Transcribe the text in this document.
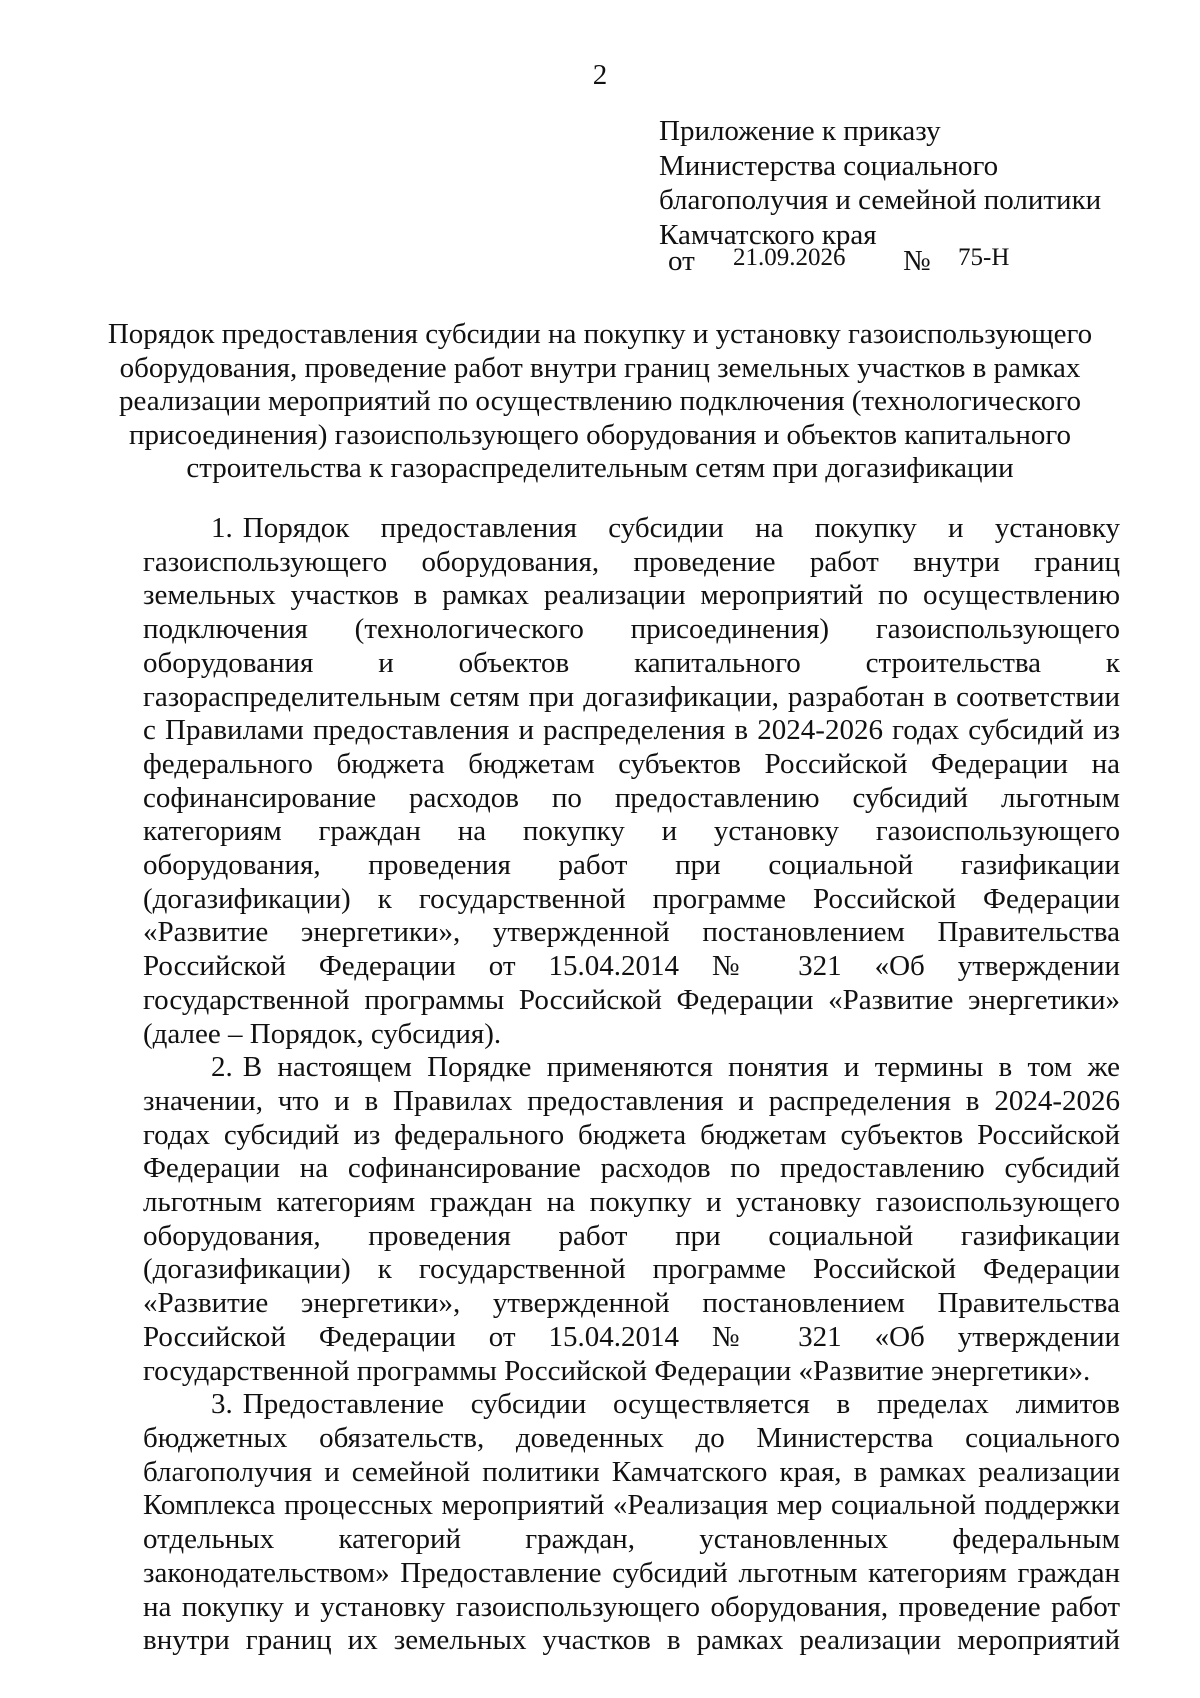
2
Приложение к приказу
Министерства социального
благополучия и семейной политики
Камчатского края
от 21.09.2026 № 75-Н
Порядок предоставления субсидии на покупку и установку газоиспользующего
оборудования, проведение работ внутри границ земельных участков в рамках
реализации мероприятий по осуществлению подключения (технологического
присоединения) газоиспользующего оборудования и объектов капитального
строительства к газораспределительным сетям при догазификации

1. Порядок предоставления субсидии на покупку и установку газоиспользующего оборудования, проведение работ внутри границ земельных участков в рамках реализации мероприятий по осуществлению подключения (технологического присоединения) газоиспользующего оборудования и объектов капитального строительства к газораспределительным сетям при догазификации, разработан в соответствии с Правилами предоставления и распределения в 2024-2026 годах субсидий из федерального бюджета бюджетам субъектов Российской Федерации на софинансирование расходов по предоставлению субсидий льготным категориям граждан на покупку и установку газоиспользующего оборудования, проведения работ при социальной газификации (догазификации) к государственной программе Российской Федерации «Развитие энергетики», утвержденной постановлением Правительства Российской Федерации от 15.04.2014 № 321 «Об утверждении государственной программы Российской Федерации «Развитие энергетики» (далее – Порядок, субсидия).

2. В настоящем Порядке применяются понятия и термины в том же значении, что и в Правилах предоставления и распределения в 2024-2026 годах субсидий из федерального бюджета бюджетам субъектов Российской Федерации на софинансирование расходов по предоставлению субсидий льготным категориям граждан на покупку и установку газоиспользующего оборудования, проведения работ при социальной газификации (догазификации) к государственной программе Российской Федерации «Развитие энергетики», утвержденной постановлением Правительства Российской Федерации от 15.04.2014 № 321 «Об утверждении государственной программы Российской Федерации «Развитие энергетики».

3. Предоставление субсидии осуществляется в пределах лимитов бюджетных обязательств, доведенных до Министерства социального благополучия и семейной политики Камчатского края, в рамках реализации Комплекса процессных мероприятий «Реализация мер социальной поддержки отдельных категорий граждан, установленных федеральным законодательством» Предоставление субсидий льготным категориям граждан на покупку и установку газоиспользующего оборудования, проведение работ внутри границ их земельных участков в рамках реализации мероприятий
